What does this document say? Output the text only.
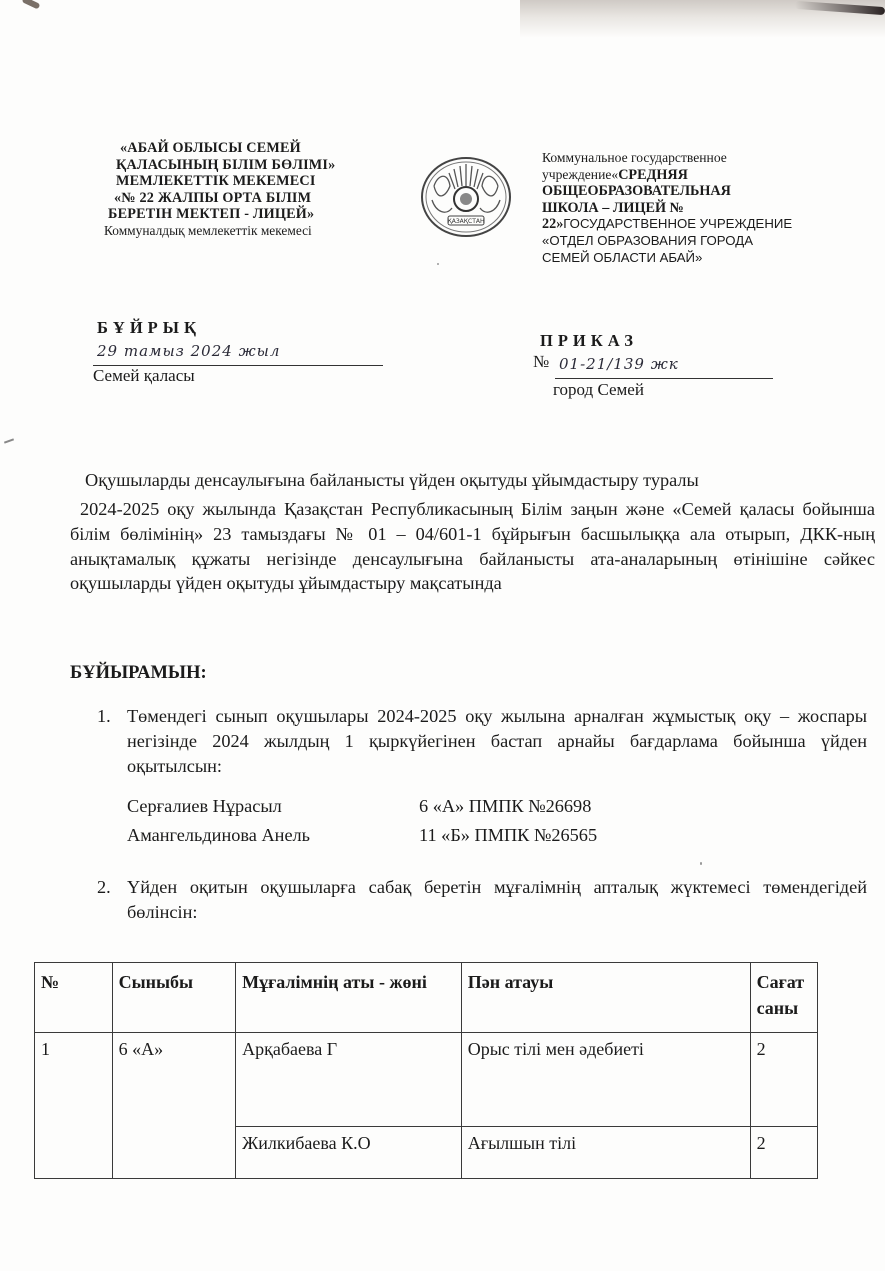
«АБАЙ ОБЛЫСЫ СЕМЕЙ
ҚАЛАСЫНЫҢ БІЛІМ БӨЛІМІ»
МЕМЛЕКЕТТІК МЕКЕМЕСІ
«№ 22 ЖАЛПЫ ОРТА БІЛІМ
БЕРЕТІН МЕКТЕП - ЛИЦЕЙ»
Коммуналдық мемлекеттік мекемесі
ҚАЗАҚСТАН
Коммунальное государственное
учреждение«СРЕДНЯЯ
ОБЩЕОБРАЗОВАТЕЛЬНАЯ
ШКОЛА – ЛИЦЕЙ №
22»ГОСУДАРСТВЕННОЕ УЧРЕЖДЕНИЕ
«ОТДЕЛ ОБРАЗОВАНИЯ ГОРОДА
СЕМЕЙ ОБЛАСТИ АБАЙ»
БҰЙРЫҚ
29 тамыз 2024 жыл
Семей қаласы
ПРИКАЗ
№ 01-21/139 жк
город Семей
Оқушыларды денсаулығына байланысты үйден оқытуды ұйымдастыру туралы
2024-2025 оқу жылында Қазақстан Республикасының Білім заңын және «Семей қаласы бойынша білім бөлімінің» 23 тамыздағы № 01 – 04/601-1 бұйрығын басшылыққа ала отырып, ДКК-ның анықтамалық құжаты негізінде денсаулығына байланысты ата-аналарының өтінішіне сәйкес оқушыларды үйден оқытуды ұйымдастыру мақсатында
БҰЙЫРАМЫН:
1. Төмендегі сынып оқушылары 2024-2025 оқу жылына арналған жұмыстық оқу – жоспары негізінде 2024 жылдың 1 қыркүйегінен бастап арнайы бағдарлама бойынша үйден оқытылсын:
Серғалиев Нұрасыл	6 «А» ПМПК №26698
Амангельдинова Анель	11 «Б» ПМПК №26565
2. Үйден оқитын оқушыларға сабақ беретін мұғалімнің апталық жүктемесі төмендегідей бөлінсін:
№	Сыныбы	Мұғалімнің аты - жөні	Пән атауы	Сағат саны
1	6 «А»	Арқабаева Г	Орыс тілі мен әдебиеті	2
		Жилкибаева К.О	Ағылшын тілі	2
